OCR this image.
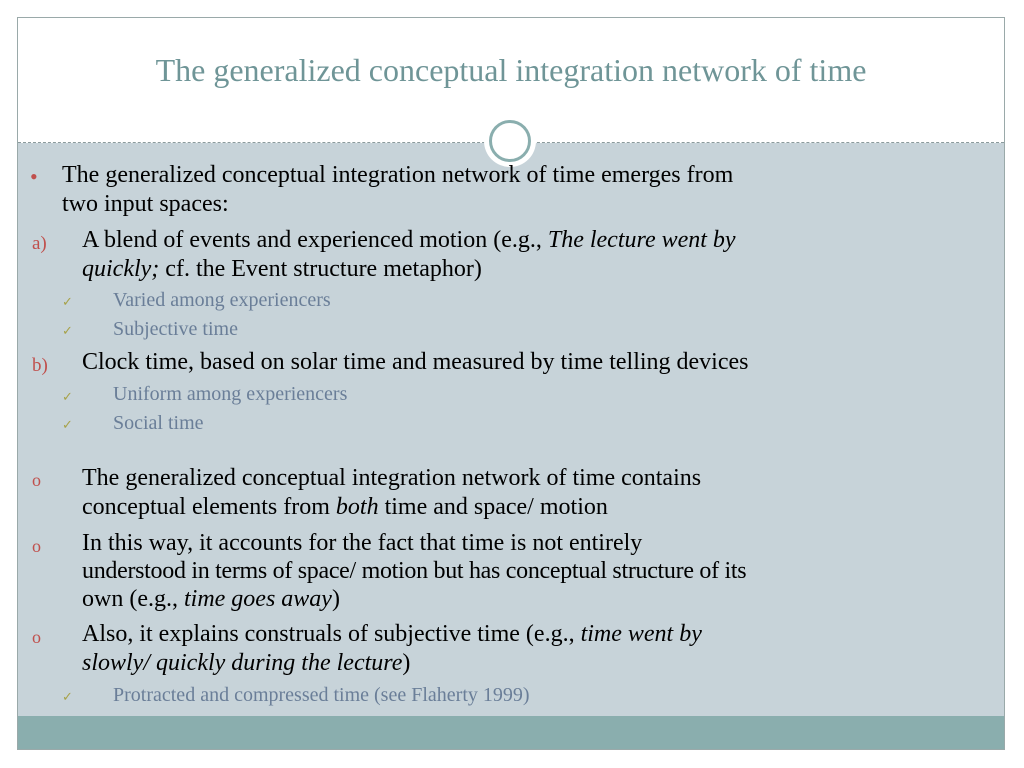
The generalized conceptual integration network of time
• The generalized conceptual integration network of time emerges from
two input spaces:
a) A blend of events and experienced motion (e.g., The lecture went by
quickly; cf. the Event structure metaphor)
✓ Varied among experiencers
✓ Subjective time
b) Clock time, based on solar time and measured by time telling devices
✓ Uniform among experiencers
✓ Social time
o The generalized conceptual integration network of time contains
conceptual elements from both time and space/ motion
o In this way, it accounts for the fact that time is not entirely
understood in terms of space/ motion but has conceptual structure of its
own (e.g., time goes away)
o Also, it explains construals of subjective time (e.g., time went by
slowly/ quickly during the lecture)
✓ Protracted and compressed time (see Flaherty 1999)
